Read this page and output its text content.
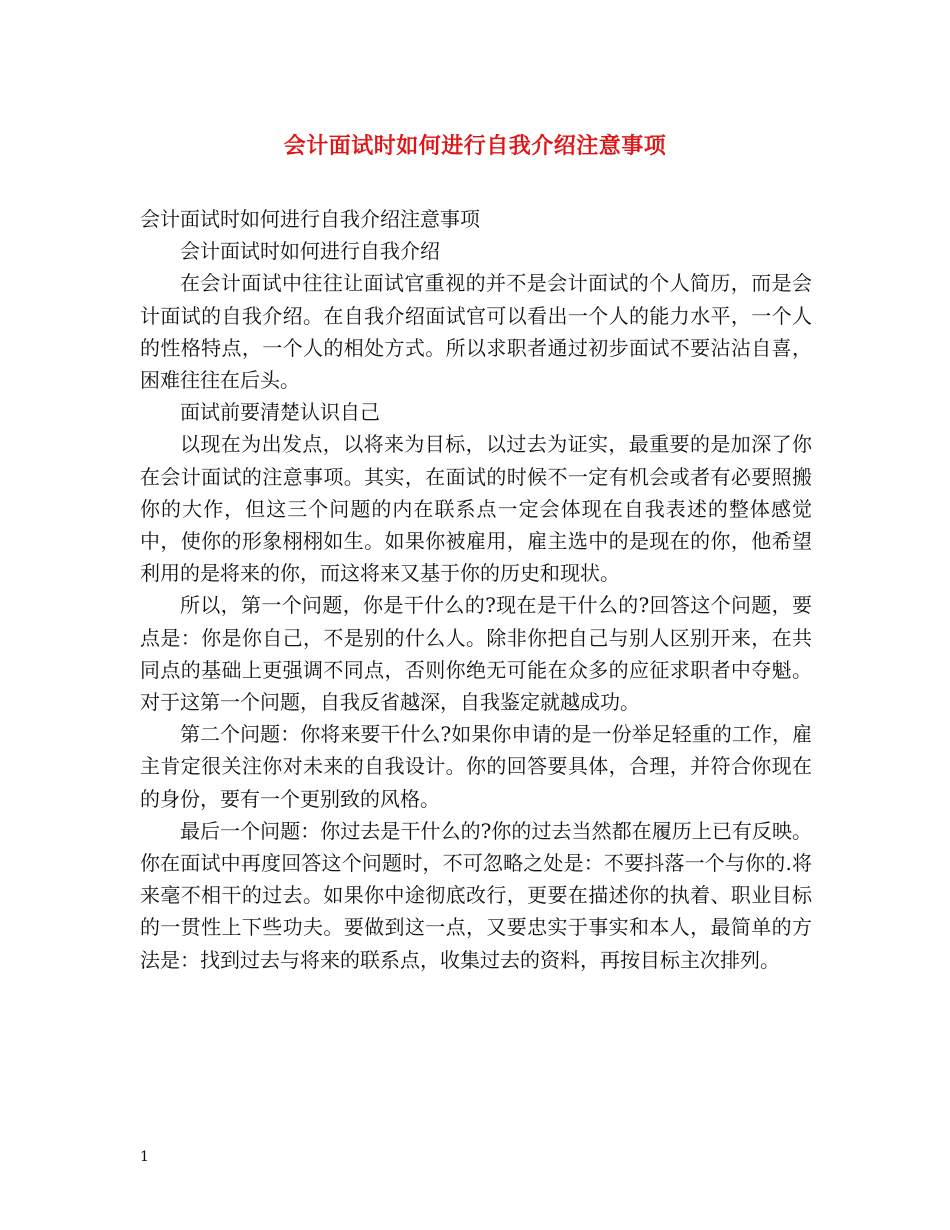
会计面试时如何进行自我介绍注意事项

会计面试时如何进行自我介绍注意事项

会计面试时如何进行自我介绍

在会计面试中往往让面试官重视的并不是会计面试的个人简历，而是会计面试的自我介绍。在自我介绍面试官可以看出一个人的能力水平，一个人的性格特点，一个人的相处方式。所以求职者通过初步面试不要沾沾自喜，困难往往在后头。

面试前要清楚认识自己

以现在为出发点，以将来为目标，以过去为证实，最重要的是加深了你在会计面试的注意事项。其实，在面试的时候不一定有机会或者有必要照搬你的大作，但这三个问题的内在联系点一定会体现在自我表述的整体感觉中，使你的形象栩栩如生。如果你被雇用，雇主选中的是现在的你，他希望利用的是将来的你，而这将来又基于你的历史和现状。

所以，第一个问题，你是干什么的?现在是干什么的?回答这个问题，要点是：你是你自己，不是别的什么人。除非你把自己与别人区别开来，在共同点的基础上更强调不同点，否则你绝无可能在众多的应征求职者中夺魁。对于这第一个问题，自我反省越深，自我鉴定就越成功。

第二个问题：你将来要干什么?如果你申请的是一份举足轻重的工作，雇主肯定很关注你对未来的自我设计。你的回答要具体，合理，并符合你现在的身份，要有一个更别致的风格。

最后一个问题：你过去是干什么的?你的过去当然都在履历上已有反映。你在面试中再度回答这个问题时，不可忽略之处是：不要抖落一个与你的.将来毫不相干的过去。如果你中途彻底改行，更要在描述你的执着、职业目标的一贯性上下些功夫。要做到这一点，又要忠实于事实和本人，最简单的方法是：找到过去与将来的联系点，收集过去的资料，再按目标主次排列。

1
